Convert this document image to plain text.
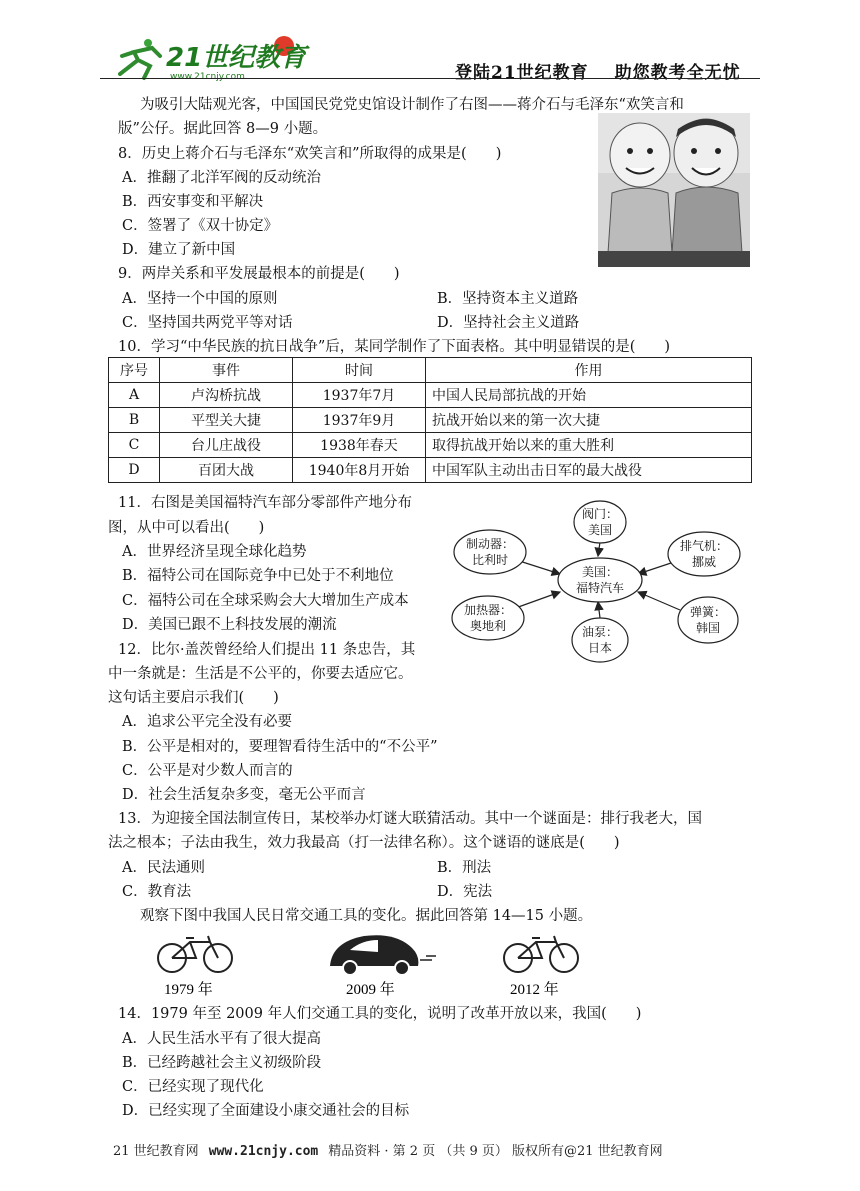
21世纪教育
www.21cnjy.com	登陆21世纪教育 助您教考全无忧
为吸引大陆观光客，中国国民党党史馆设计制作了右图——蒋介石与毛泽东“欢笑言和
版”公仔。据此回答 8—9 小题。
8．历史上蒋介石与毛泽东“欢笑言和”所取得的成果是(　　)
A．推翻了北洋军阀的反动统治
B．西安事变和平解决
C．签署了《双十协定》
D．建立了新中国
9．两岸关系和平发展最根本的前提是(　　)
A．坚持一个中国的原则	B．坚持资本主义道路
C．坚持国共两党平等对话	D．坚持社会主义道路
10．学习“中华民族的抗日战争”后，某同学制作了下面表格。其中明显错误的是(　　)
序号	事件	时间	作用
A	卢沟桥抗战	1937年7月	中国人民局部抗战的开始
B	平型关大捷	1937年9月	抗战开始以来的第一次大捷
C	台儿庄战役	1938年春天	取得抗战开始以来的重大胜利
D	百团大战	1940年8月开始	中国军队主动出击日军的最大战役
11．右图是美国福特汽车部分零部件产地分布
图，从中可以看出(　　)
A．世界经济呈现全球化趋势
B．福特公司在国际竞争中已处于不利地位
C．福特公司在全球采购会大大增加生产成本
D．美国已跟不上科技发展的潮流
阀门：
美国
制动器：
比利时
排气机：
挪威
美国：
福特汽车
加热器：
奥地利	油泵：
日本
弹簧：
韩国
12．比尔·盖茨曾经给人们提出 11 条忠告，其
中一条就是：生活是不公平的，你要去适应它。
这句话主要启示我们(　　)
A．追求公平完全没有必要
B．公平是相对的，要理智看待生活中的“不公平”
C．公平是对少数人而言的
D．社会生活复杂多变，毫无公平而言
13．为迎接全国法制宣传日，某校举办灯谜大联猜活动。其中一个谜面是：排行我老大，国
法之根本；子法由我生，效力我最高（打一法律名称）。这个谜语的谜底是(　　)
A．民法通则	B．刑法
C．教育法	D．宪法
观察下图中我国人民日常交通工具的变化。据此回答第 14—15 小题。
1979 年	2009 年	2012 年
14．1979 年至 2009 年人们交通工具的变化，说明了改革开放以来，我国(　　)
A．人民生活水平有了很大提高
B．已经跨越社会主义初级阶段
C．已经实现了现代化
D．已经实现了全面建设小康交通社会的目标
21 世纪教育网 www.21cnjy.com 精品资料 · 第 2 页 （共 9 页） 版权所有@21 世纪教育网
